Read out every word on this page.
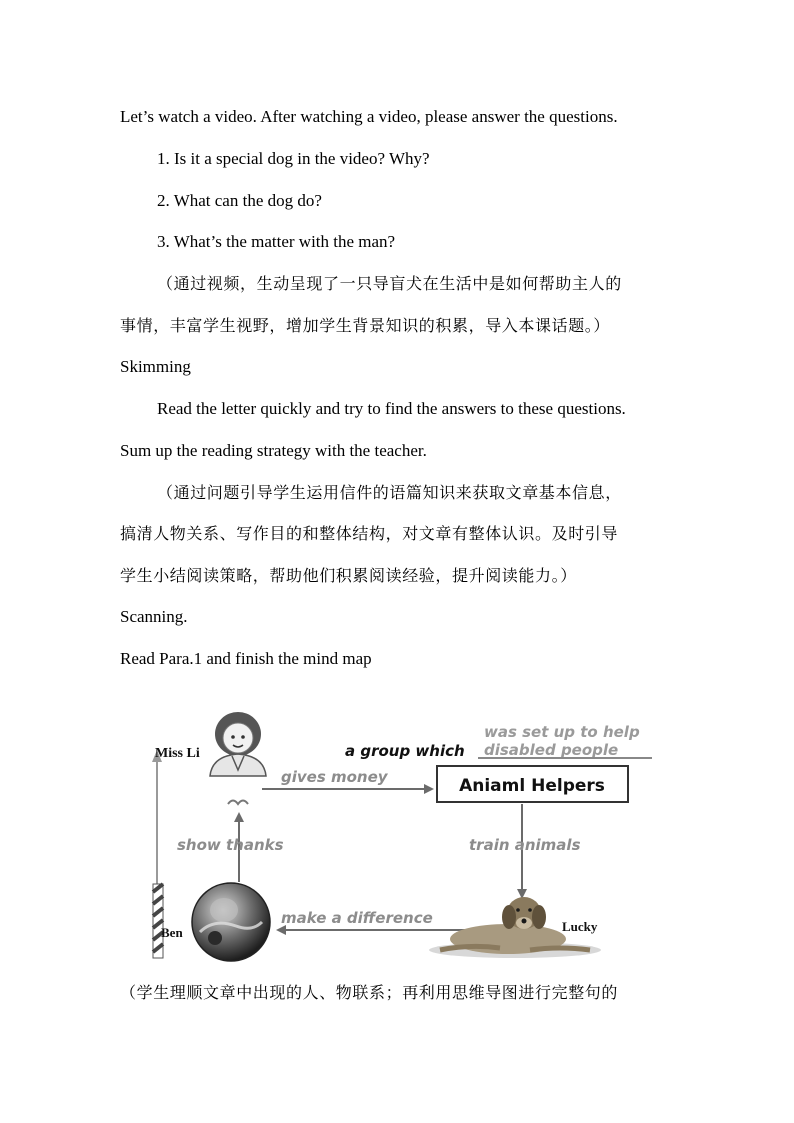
Let’s watch a video. After watching a video, please answer the questions.
1. Is it a special dog in the video? Why?
2. What can the dog do?
3. What’s the matter with the man?
（通过视频，生动呈现了一只导盲犬在生活中是如何帮助主人的
事情，丰富学生视野，增加学生背景知识的积累，导入本课话题。）
Skimming
Read the letter quickly and try to find the answers to these questions.
Sum up the reading strategy with the teacher.
（通过问题引导学生运用信件的语篇知识来获取文章基本信息，
搞清人物关系、写作目的和整体结构，对文章有整体认识。及时引导
学生小结阅读策略，帮助他们积累阅读经验，提升阅读能力。）
Scanning.
Read Para.1 and finish the mind map
Miss Li	a group which
was set up to help
disabled people
gives money	Aniaml Helpers
train animals
show thanks
Ben
make a difference	Lucky
（学生理顺文章中出现的人、物联系；再利用思维导图进行完整句的
